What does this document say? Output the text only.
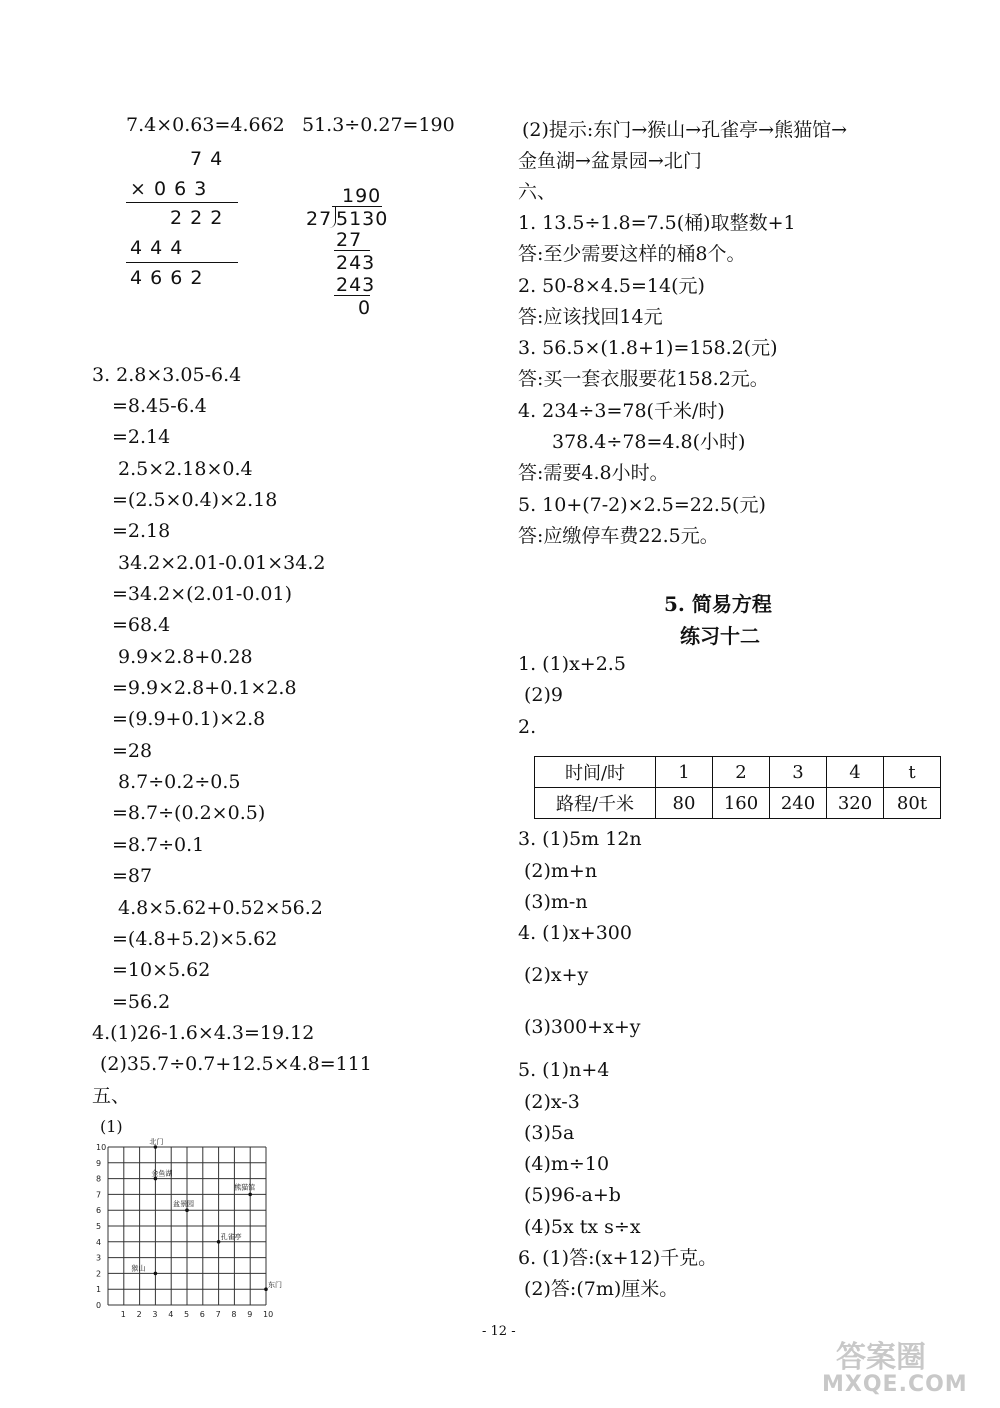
7.4×0.63=4.662 51.3÷0.27=190
7 4
× 0 6 3
2 2 2
4 4 4
4 6 6 2
190
27 5130
27
243
243
0
3. 2.8×3.05-6.4
=8.45-6.4
=2.14
2.5×2.18×0.4
=(2.5×0.4)×2.18
=2.18
34.2×2.01-0.01×34.2
=34.2×(2.01-0.01)
=68.4
9.9×2.8+0.28
=9.9×2.8+0.1×2.8
=(9.9+0.1)×2.8
=28
8.7÷0.2÷0.5
=8.7÷(0.2×0.5)
=8.7÷0.1
=87
4.8×5.62+0.52×56.2
=(4.8+5.2)×5.62
=10×5.62
=56.2
4.(1)26-1.6×4.3=19.12
(2)35.7÷0.7+12.5×4.8=111
五、
(1)
1 2 3 4 5 6 7 8 9 10
10
9
8
7
6
5
4
3
2
1
0
北门
金鱼湖
盆景园
熊猫馆
孔雀亭
猴山
东门
(2)提示:东门→猴山→孔雀亭→熊猫馆→
金鱼湖→盆景园→北门
六、
1. 13.5÷1.8=7.5(桶)取整数+1
答:至少需要这样的桶8个。
2. 50-8×4.5=14(元)
答:应该找回14元
3. 56.5×(1.8+1)=158.2(元)
答:买一套衣服要花158.2元。
4. 234÷3=78(千米/时)
378.4÷78=4.8(小时)
答:需要4.8小时。
5. 10+(7-2)×2.5=22.5(元)
答:应缴停车费22.5元。
5. 简易方程
练习十二
1. (1)x+2.5
(2)9
2.
时间/时	1	2	3	4	t
路程/千米	80	160	240	320	80t
3. (1)5m 12n
(2)m+n
(3)m-n
4. (1)x+300
(2)x+y
(3)300+x+y
5. (1)n+4
(2)x-3
(3)5a
(4)m÷10
(5)96-a+b
(4)5x tx s÷x
6. (1)答:(x+12)千克。
(2)答:(7m)厘米。
- 12 -
答案圈
MXQE.COM
